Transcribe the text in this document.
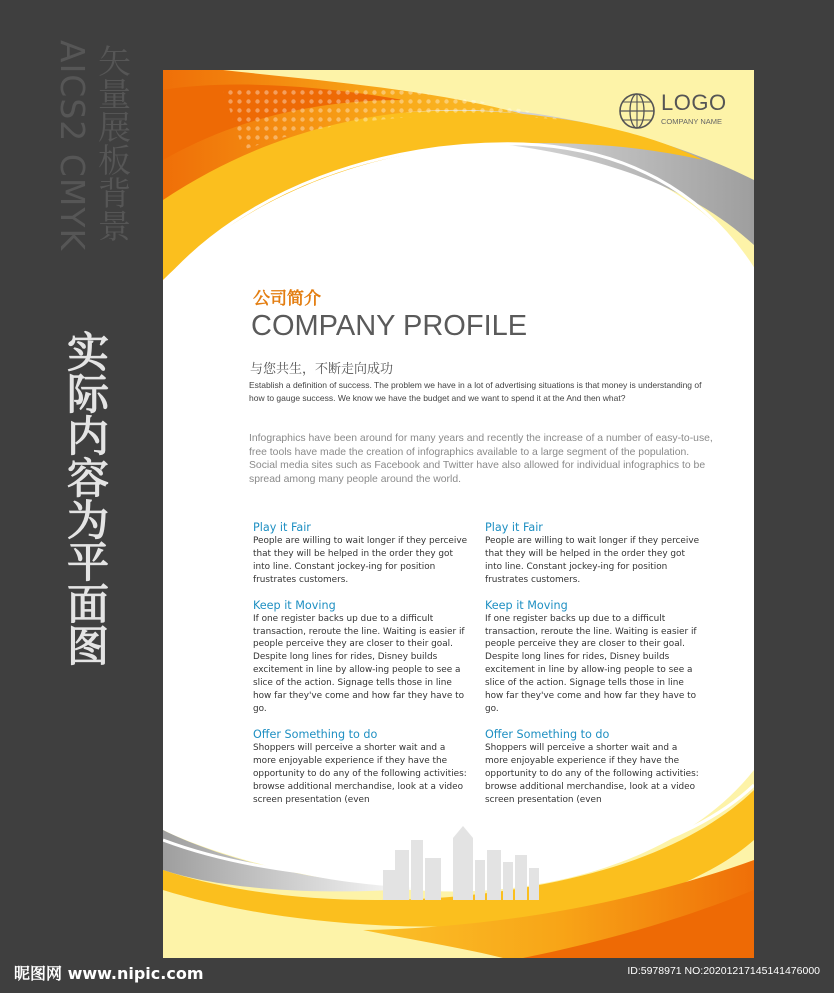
AICS2 CMYK 矢量展板背景
实际内容为平面图
LOGO
COMPANY NAME
公司简介
COMPANY PROFILE
与您共生，不断走向成功
Establish a definition of success. The problem we have in a lot of advertising situations is that money is understanding of how to gauge success. We know we have the budget and we want to spend it at the And then what?
Infographics have been around for many years and recently the increase of a number of easy-to-use, free tools have made the creation of infographics available to a large segment of the population. Social media sites such as Facebook and Twitter have also allowed for individual infographics to be spread among many people around the world.
Play it Fair

People are willing to wait longer if they perceive that they will be helped in the order they got into line. Constant jockey-ing for position frustrates customers.

Keep it Moving

If one register backs up due to a difficult transaction, reroute the line. Waiting is easier if people perceive they are closer to their goal. Despite long lines for rides, Disney builds excitement in line by allow-ing people to see a slice of the action. Signage tells those in line how far they've come and how far they have to go.

Offer Something to do

Shoppers will perceive a shorter wait and a more enjoyable experience if they have the opportunity to do any of the following activities: browse additional merchandise, look at a video screen presentation (even

Play it Fair

People are willing to wait longer if they perceive that they will be helped in the order they got into line. Constant jockey-ing for position frustrates customers.

Keep it Moving

If one register backs up due to a difficult transaction, reroute the line. Waiting is easier if people perceive they are closer to their goal. Despite long lines for rides, Disney builds excitement in line by allow-ing people to see a slice of the action. Signage tells those in line how far they've come and how far they have to go.

Offer Something to do

Shoppers will perceive a shorter wait and a more enjoyable experience if they have the opportunity to do any of the following activities: browse additional merchandise, look at a video screen presentation (even

昵图网 www.nipic.com	ID:5978971 NO:20201217145141476000
